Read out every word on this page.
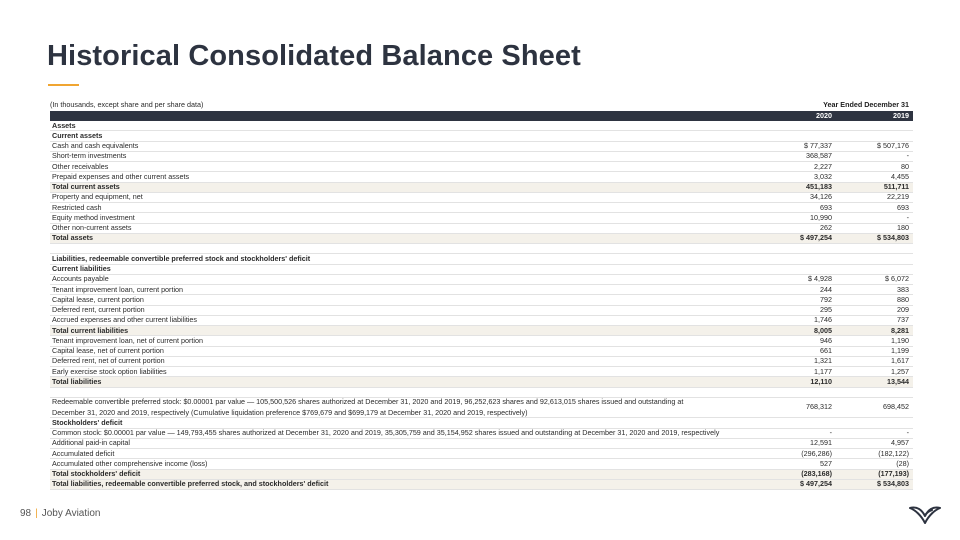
Historical Consolidated Balance Sheet
(In thousands, except share and per share data)	Year Ended December 31
2020	2019
Assets
Current assets
Cash and cash equivalents	$ 77,337	$ 507,176
Short-term investments	368,587	-
Other receivables	2,227	80
Prepaid expenses and other current assets	3,032	4,455
Total current assets	451,183	511,711
Property and equipment, net	34,126	22,219
Restricted cash	693	693
Equity method investment	10,990	-
Other non-current assets	262	180
Total assets	$ 497,254	$ 534,803
Liabilities, redeemable convertible preferred stock and stockholders' deficit
Current liabilities
Accounts payable	$ 4,928	$ 6,072
Tenant improvement loan, current portion	244	383
Capital lease, current portion	792	880
Deferred rent, current portion	295	209
Accrued expenses and other current liabilities	1,746	737
Total current liabilities	8,005	8,281
Tenant improvement loan, net of current portion	946	1,190
Capital lease, net of current portion	661	1,199
Deferred rent, net of current portion	1,321	1,617
Early exercise stock option liabilities	1,177	1,257
Total liabilities	12,110	13,544
Redeemable convertible preferred stock: $0.00001 par value — 105,500,526 shares authorized at December 31, 2020 and 2019, 96,252,623 shares and 92,613,015 shares issued and outstanding at December 31, 2020 and 2019, respectively (Cumulative liquidation preference $769,679 and $699,179 at December 31, 2020 and 2019, respectively)
768,312	698,452
Stockholders' deficit
Common stock: $0.00001 par value — 149,793,455 shares authorized at December 31, 2020 and 2019, 35,305,759 and 35,154,952 shares issued and outstanding at December 31, 2020 and 2019, respectively	-	-
Additional paid-in capital	12,591	4,957
Accumulated deficit	(296,286)	(182,122)
Accumulated other comprehensive income (loss)	527	(28)
Total stockholders' deficit	(283,168)	(177,193)
Total liabilities, redeemable convertible preferred stock, and stockholders' deficit	$ 497,254	$ 534,803
98 | Joby Aviation
